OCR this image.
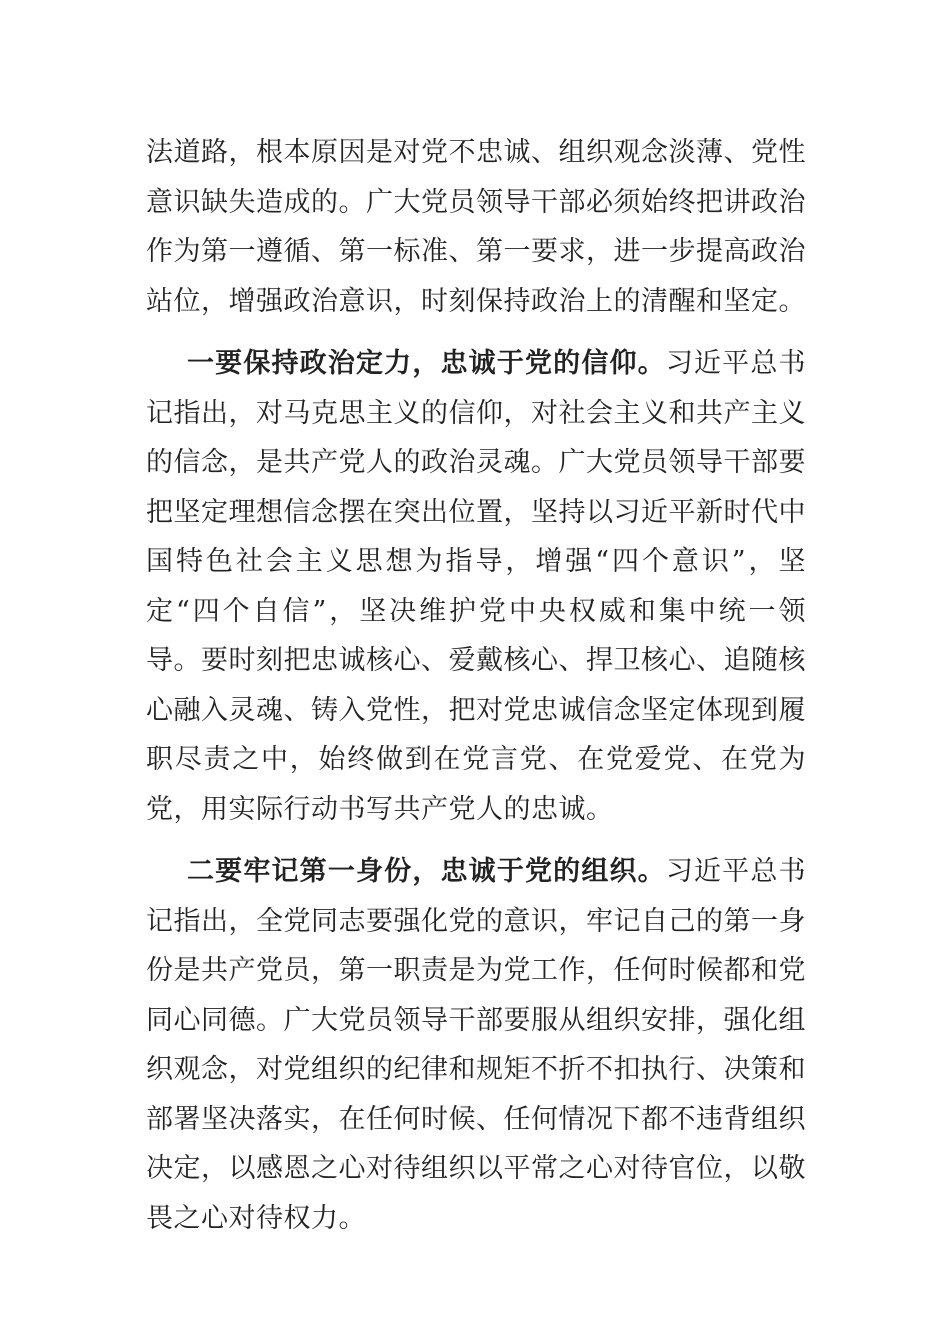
法道路，根本原因是对党不忠诚、组织观念淡薄、党性意识缺失造成的。广大党员领导干部必须始终把讲政治作为第一遵循、第一标准、第一要求，进一步提高政治站位，增强政治意识，时刻保持政治上的清醒和坚定。

一要保持政治定力，忠诚于党的信仰。习近平总书记指出，对马克思主义的信仰，对社会主义和共产主义的信念，是共产党人的政治灵魂。广大党员领导干部要把坚定理想信念摆在突出位置，坚持以习近平新时代中国特色社会主义思想为指导，增强“四个意识”，坚定“四个自信”，坚决维护党中央权威和集中统一领导。要时刻把忠诚核心、爱戴核心、捍卫核心、追随核心融入灵魂、铸入党性，把对党忠诚信念坚定体现到履职尽责之中，始终做到在党言党、在党爱党、在党为党，用实际行动书写共产党人的忠诚。

二要牢记第一身份，忠诚于党的组织。习近平总书记指出，全党同志要强化党的意识，牢记自己的第一身份是共产党员，第一职责是为党工作，任何时候都和党同心同德。广大党员领导干部要服从组织安排，强化组织观念，对党组织的纪律和规矩不折不扣执行、决策和部署坚决落实，在任何时候、任何情况下都不违背组织决定，以感恩之心对待组织以平常之心对待官位，以敬畏之心对待权力。
